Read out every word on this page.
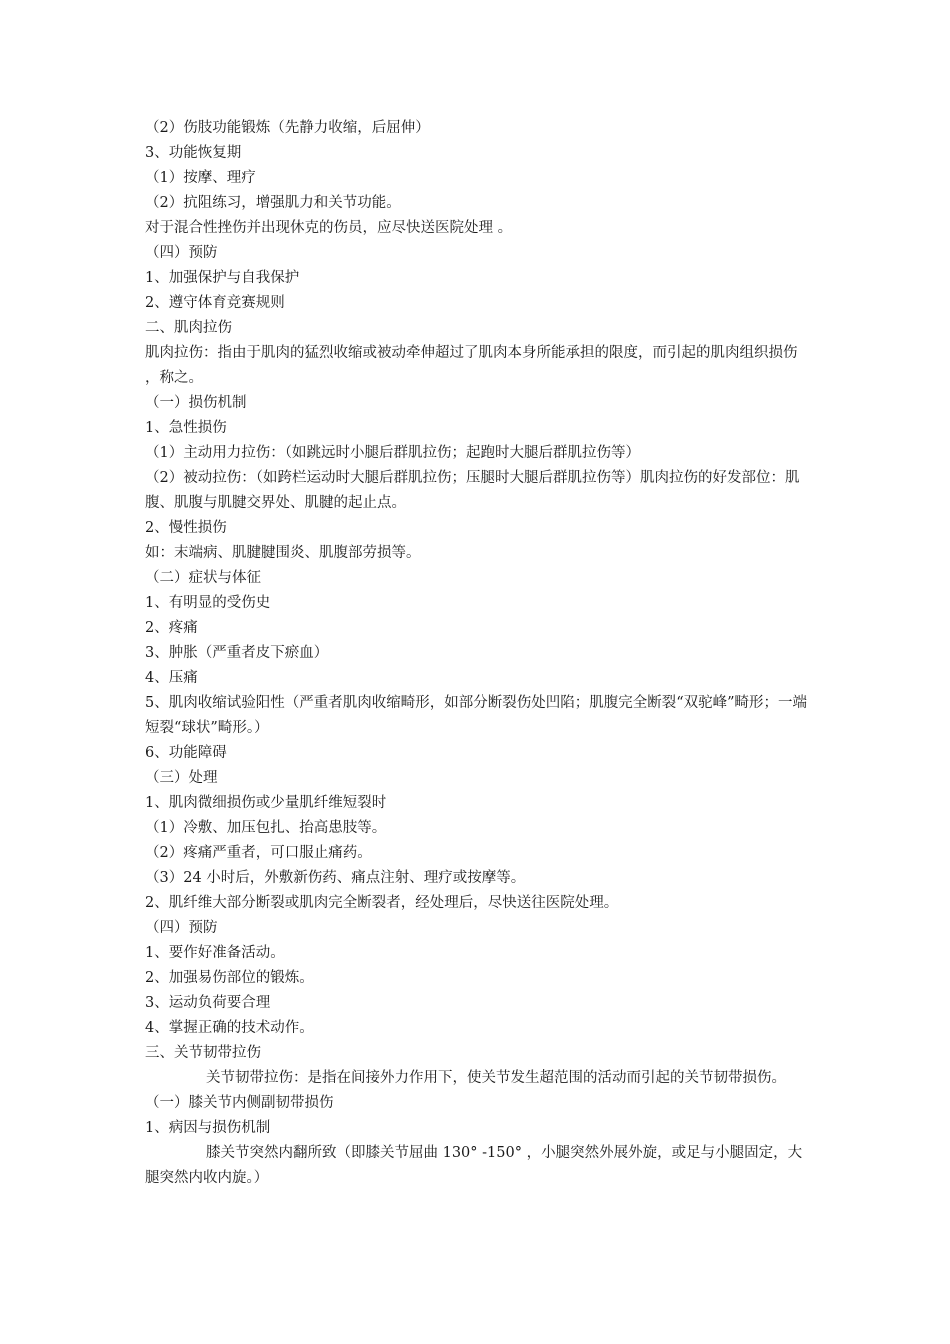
（2）伤肢功能锻炼（先静力收缩，后屈伸）

3、功能恢复期

（1）按摩、理疗

（2）抗阻练习，增强肌力和关节功能。

对于混合性挫伤并出现休克的伤员，应尽快送医院处理 。

（四）预防

1、加强保护与自我保护

2、遵守体育竞赛规则

二、肌肉拉伤

肌肉拉伤：指由于肌肉的猛烈收缩或被动牵伸超过了肌肉本身所能承担的限度，而引起的肌肉组织损伤，称之。

（一）损伤机制

1、急性损伤

（1）主动用力拉伤：（如跳远时小腿后群肌拉伤；起跑时大腿后群肌拉伤等）

（2）被动拉伤：（如跨栏运动时大腿后群肌拉伤；压腿时大腿后群肌拉伤等）肌肉拉伤的好发部位：肌腹、肌腹与肌腱交界处、肌腱的起止点。

2、慢性损伤

如：末端病、肌腱腱围炎、肌腹部劳损等。

（二）症状与体征

1、有明显的受伤史

2、疼痛

3、肿胀（严重者皮下瘀血）

4、压痛

5、肌肉收缩试验阳性（严重者肌肉收缩畸形，如部分断裂伤处凹陷；肌腹完全断裂“双驼峰”畸形；一端短裂“球状”畸形。）

6、功能障碍

（三）处理

1、肌肉微细损伤或少量肌纤维短裂时

（1）冷敷、加压包扎、抬高患肢等。

（2）疼痛严重者，可口服止痛药。

（3）24 小时后，外敷新伤药、痛点注射、理疗或按摩等。

2、肌纤维大部分断裂或肌肉完全断裂者，经处理后，尽快送往医院处理。

（四）预防

1、要作好准备活动。

2、加强易伤部位的锻炼。

3、运动负荷要合理

4、掌握正确的技术动作。

三、关节韧带拉伤

关节韧带拉伤：是指在间接外力作用下，使关节发生超范围的活动而引起的关节韧带损伤。

（一）膝关节内侧副韧带损伤

1、病因与损伤机制

膝关节突然内翻所致（即膝关节屈曲 130° -150° ，小腿突然外展外旋，或足与小腿固定，大腿突然内收内旋。）
